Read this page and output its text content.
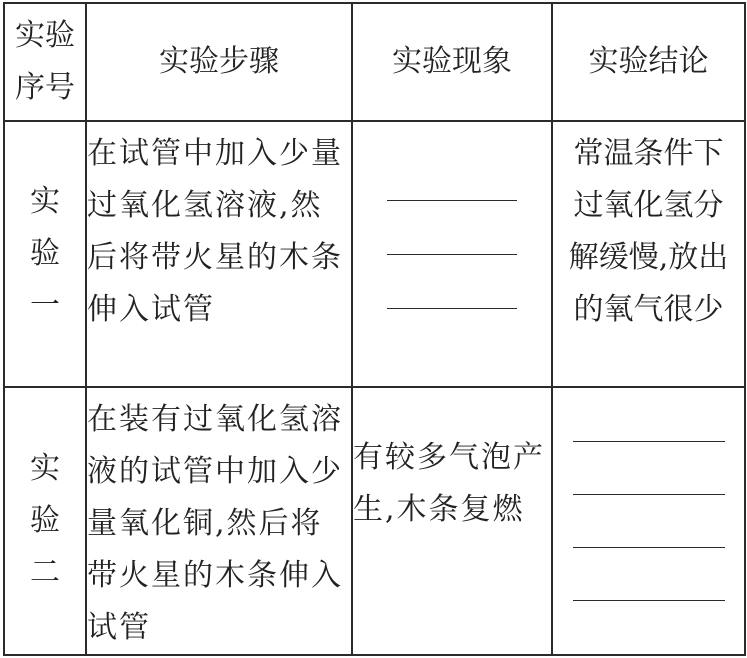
实验
序号	实验步骤	实验现象	实验结论

实
验
一	在试管中加入少量过氧化氢溶液,然后将带火星的木条伸入试管		常温条件下过氧化氢分解缓慢,放出的氧气很少

实
验
二	在装有过氧化氢溶液的试管中加入少量氧化铜,然后将带火星的木条伸入试管	有较多气泡产生,木条复燃	
